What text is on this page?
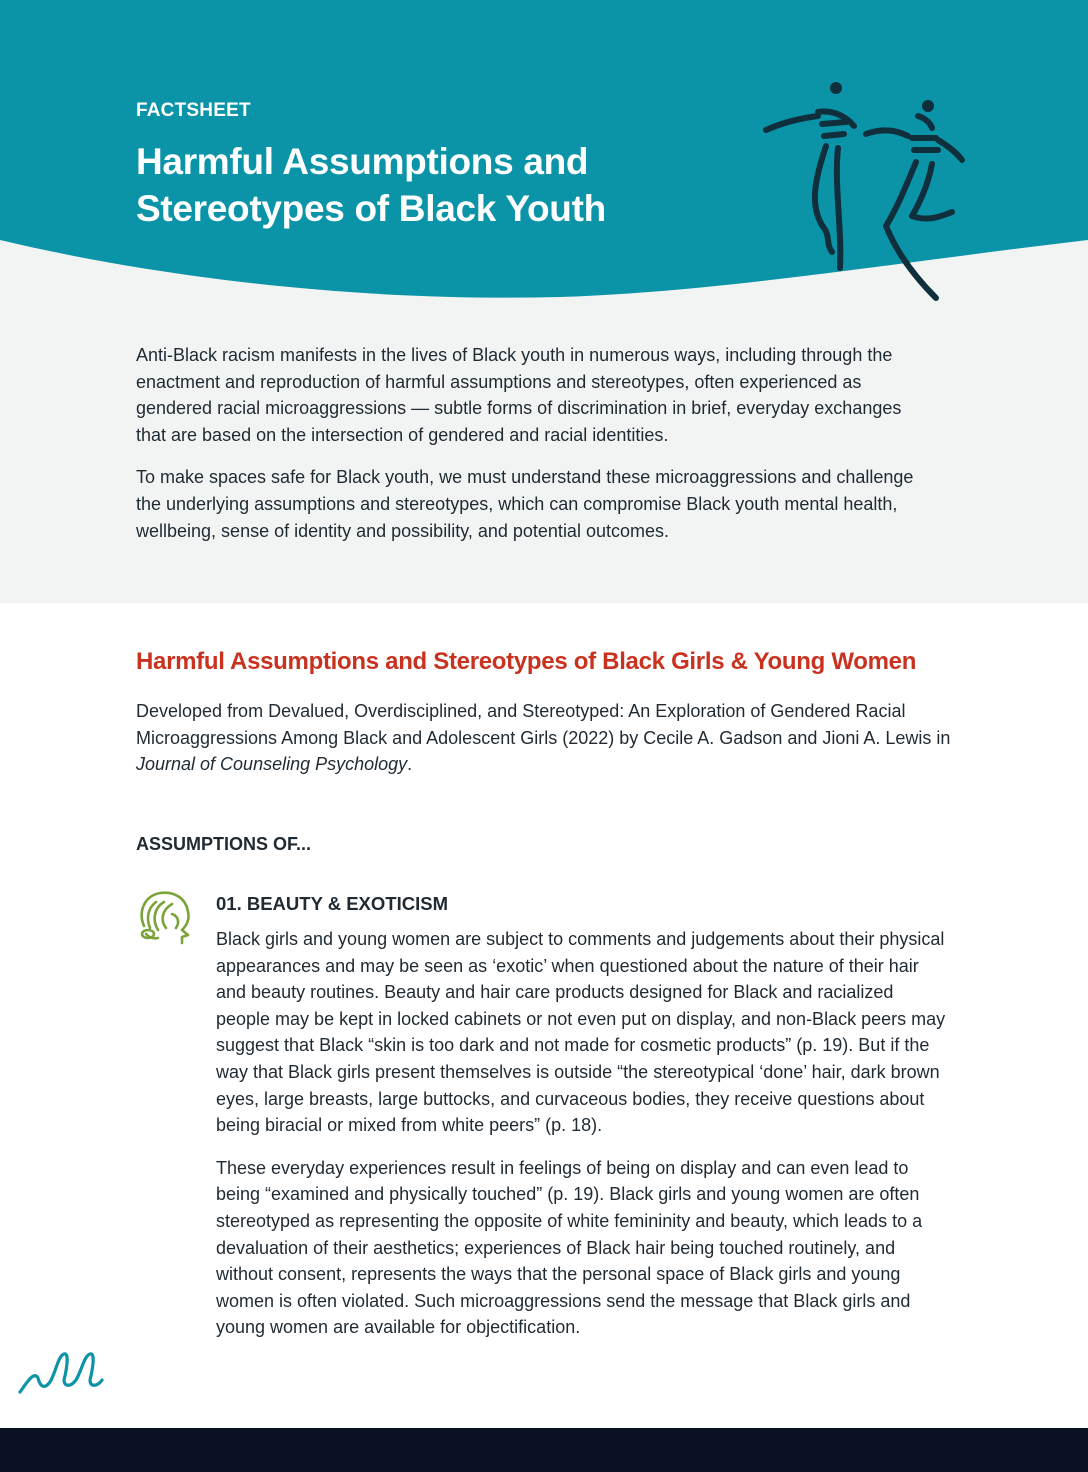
FACTSHEET
Harmful Assumptions and Stereotypes of Black Youth

Anti-Black racism manifests in the lives of Black youth in numerous ways, including through the enactment and reproduction of harmful assumptions and stereotypes, often experienced as gendered racial microaggressions — subtle forms of discrimination in brief, everyday exchanges that are based on the intersection of gendered and racial identities.

To make spaces safe for Black youth, we must understand these microaggressions and challenge the underlying assumptions and stereotypes, which can compromise Black youth mental health, wellbeing, sense of identity and possibility, and potential outcomes.

Harmful Assumptions and Stereotypes of Black Girls & Young Women

Developed from Devalued, Overdisciplined, and Stereotyped: An Exploration of Gendered Racial Microaggressions Among Black and Adolescent Girls (2022) by Cecile A. Gadson and Jioni A. Lewis in Journal of Counseling Psychology.

ASSUMPTIONS OF...
01. BEAUTY & EXOTICISM

Black girls and young women are subject to comments and judgements about their physical appearances and may be seen as ‘exotic’ when questioned about the nature of their hair and beauty routines. Beauty and hair care products designed for Black and racialized people may be kept in locked cabinets or not even put on display, and non-Black peers may suggest that Black “skin is too dark and not made for cosmetic products” (p. 19). But if the way that Black girls present themselves is outside “the stereotypical ‘done’ hair, dark brown eyes, large breasts, large buttocks, and curvaceous bodies, they receive questions about being biracial or mixed from white peers” (p. 18).

These everyday experiences result in feelings of being on display and can even lead to being “examined and physically touched” (p. 19). Black girls and young women are often stereotyped as representing the opposite of white femininity and beauty, which leads to a devaluation of their aesthetics; experiences of Black hair being touched routinely, and without consent, represents the ways that the personal space of Black girls and young women is often violated. Such microaggressions send the message that Black girls and young women are available for objectification.
